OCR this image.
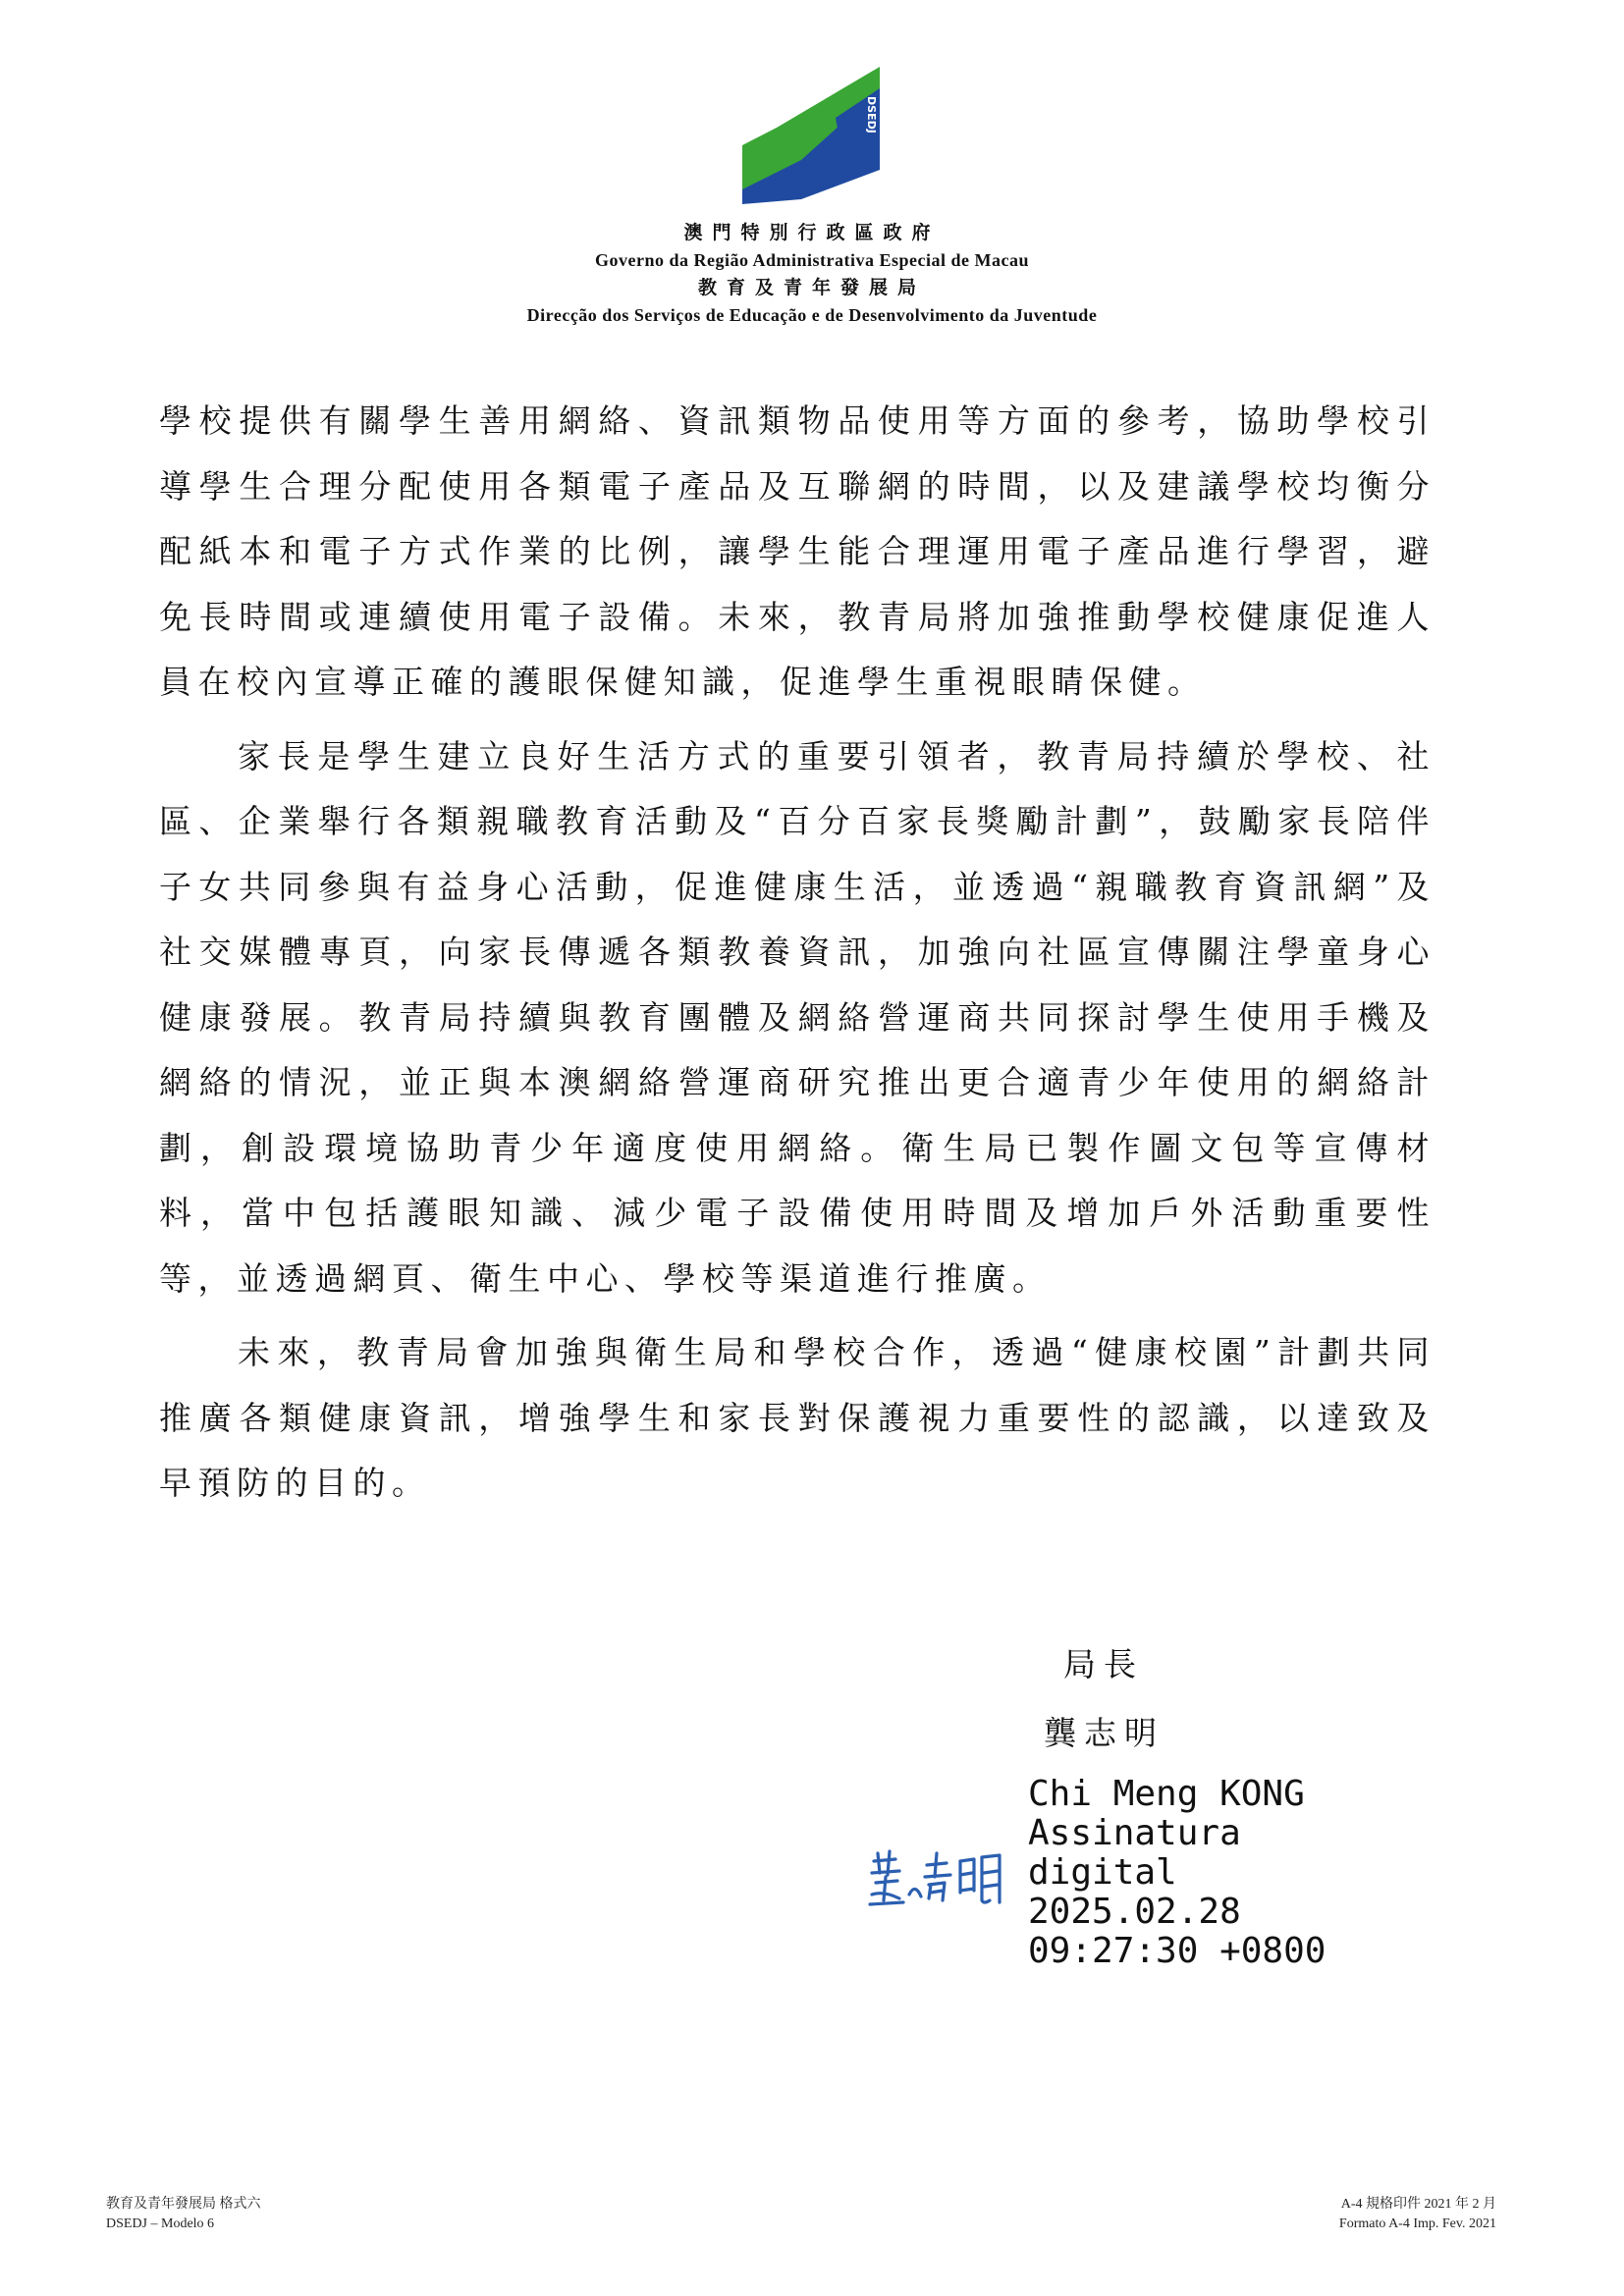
DSEDJ
澳門特別行政區政府
Governo da Região Administrativa Especial de Macau
教育及青年發展局
Direcção dos Serviços de Educação e de Desenvolvimento da Juventude

學校提供有關學生善用網絡、資訊類物品使用等方面的參考，協助學校引導學生合理分配使用各類電子產品及互聯網的時間，以及建議學校均衡分配紙本和電子方式作業的比例，讓學生能合理運用電子產品進行學習，避免長時間或連續使用電子設備。未來，教青局將加強推動學校健康促進人員在校內宣導正確的護眼保健知識，促進學生重視眼睛保健。

家長是學生建立良好生活方式的重要引領者，教青局持續於學校、社區、企業舉行各類親職教育活動及“百分百家長獎勵計劃”，鼓勵家長陪伴子女共同參與有益身心活動，促進健康生活，並透過“親職教育資訊網”及社交媒體專頁，向家長傳遞各類教養資訊，加強向社區宣傳關注學童身心健康發展。教青局持續與教育團體及網絡營運商共同探討學生使用手機及網絡的情況，並正與本澳網絡營運商研究推出更合適青少年使用的網絡計劃，創設環境協助青少年適度使用網絡。衛生局已製作圖文包等宣傳材料，當中包括護眼知識、減少電子設備使用時間及增加戶外活動重要性等，並透過網頁、衛生中心、學校等渠道進行推廣。

未來，教青局會加強與衛生局和學校合作，透過“健康校園”計劃共同推廣各類健康資訊，增強學生和家長對保護視力重要性的認識，以達致及早預防的目的。

局長
龔志明
Chi Meng KONG
Assinatura
digital
2025.02.28
09:27:30 +0800
教育及青年發展局 格式六
DSEDJ – Modelo 6
A-4 規格印件 2021 年 2 月
Formato A-4 Imp. Fev. 2021
